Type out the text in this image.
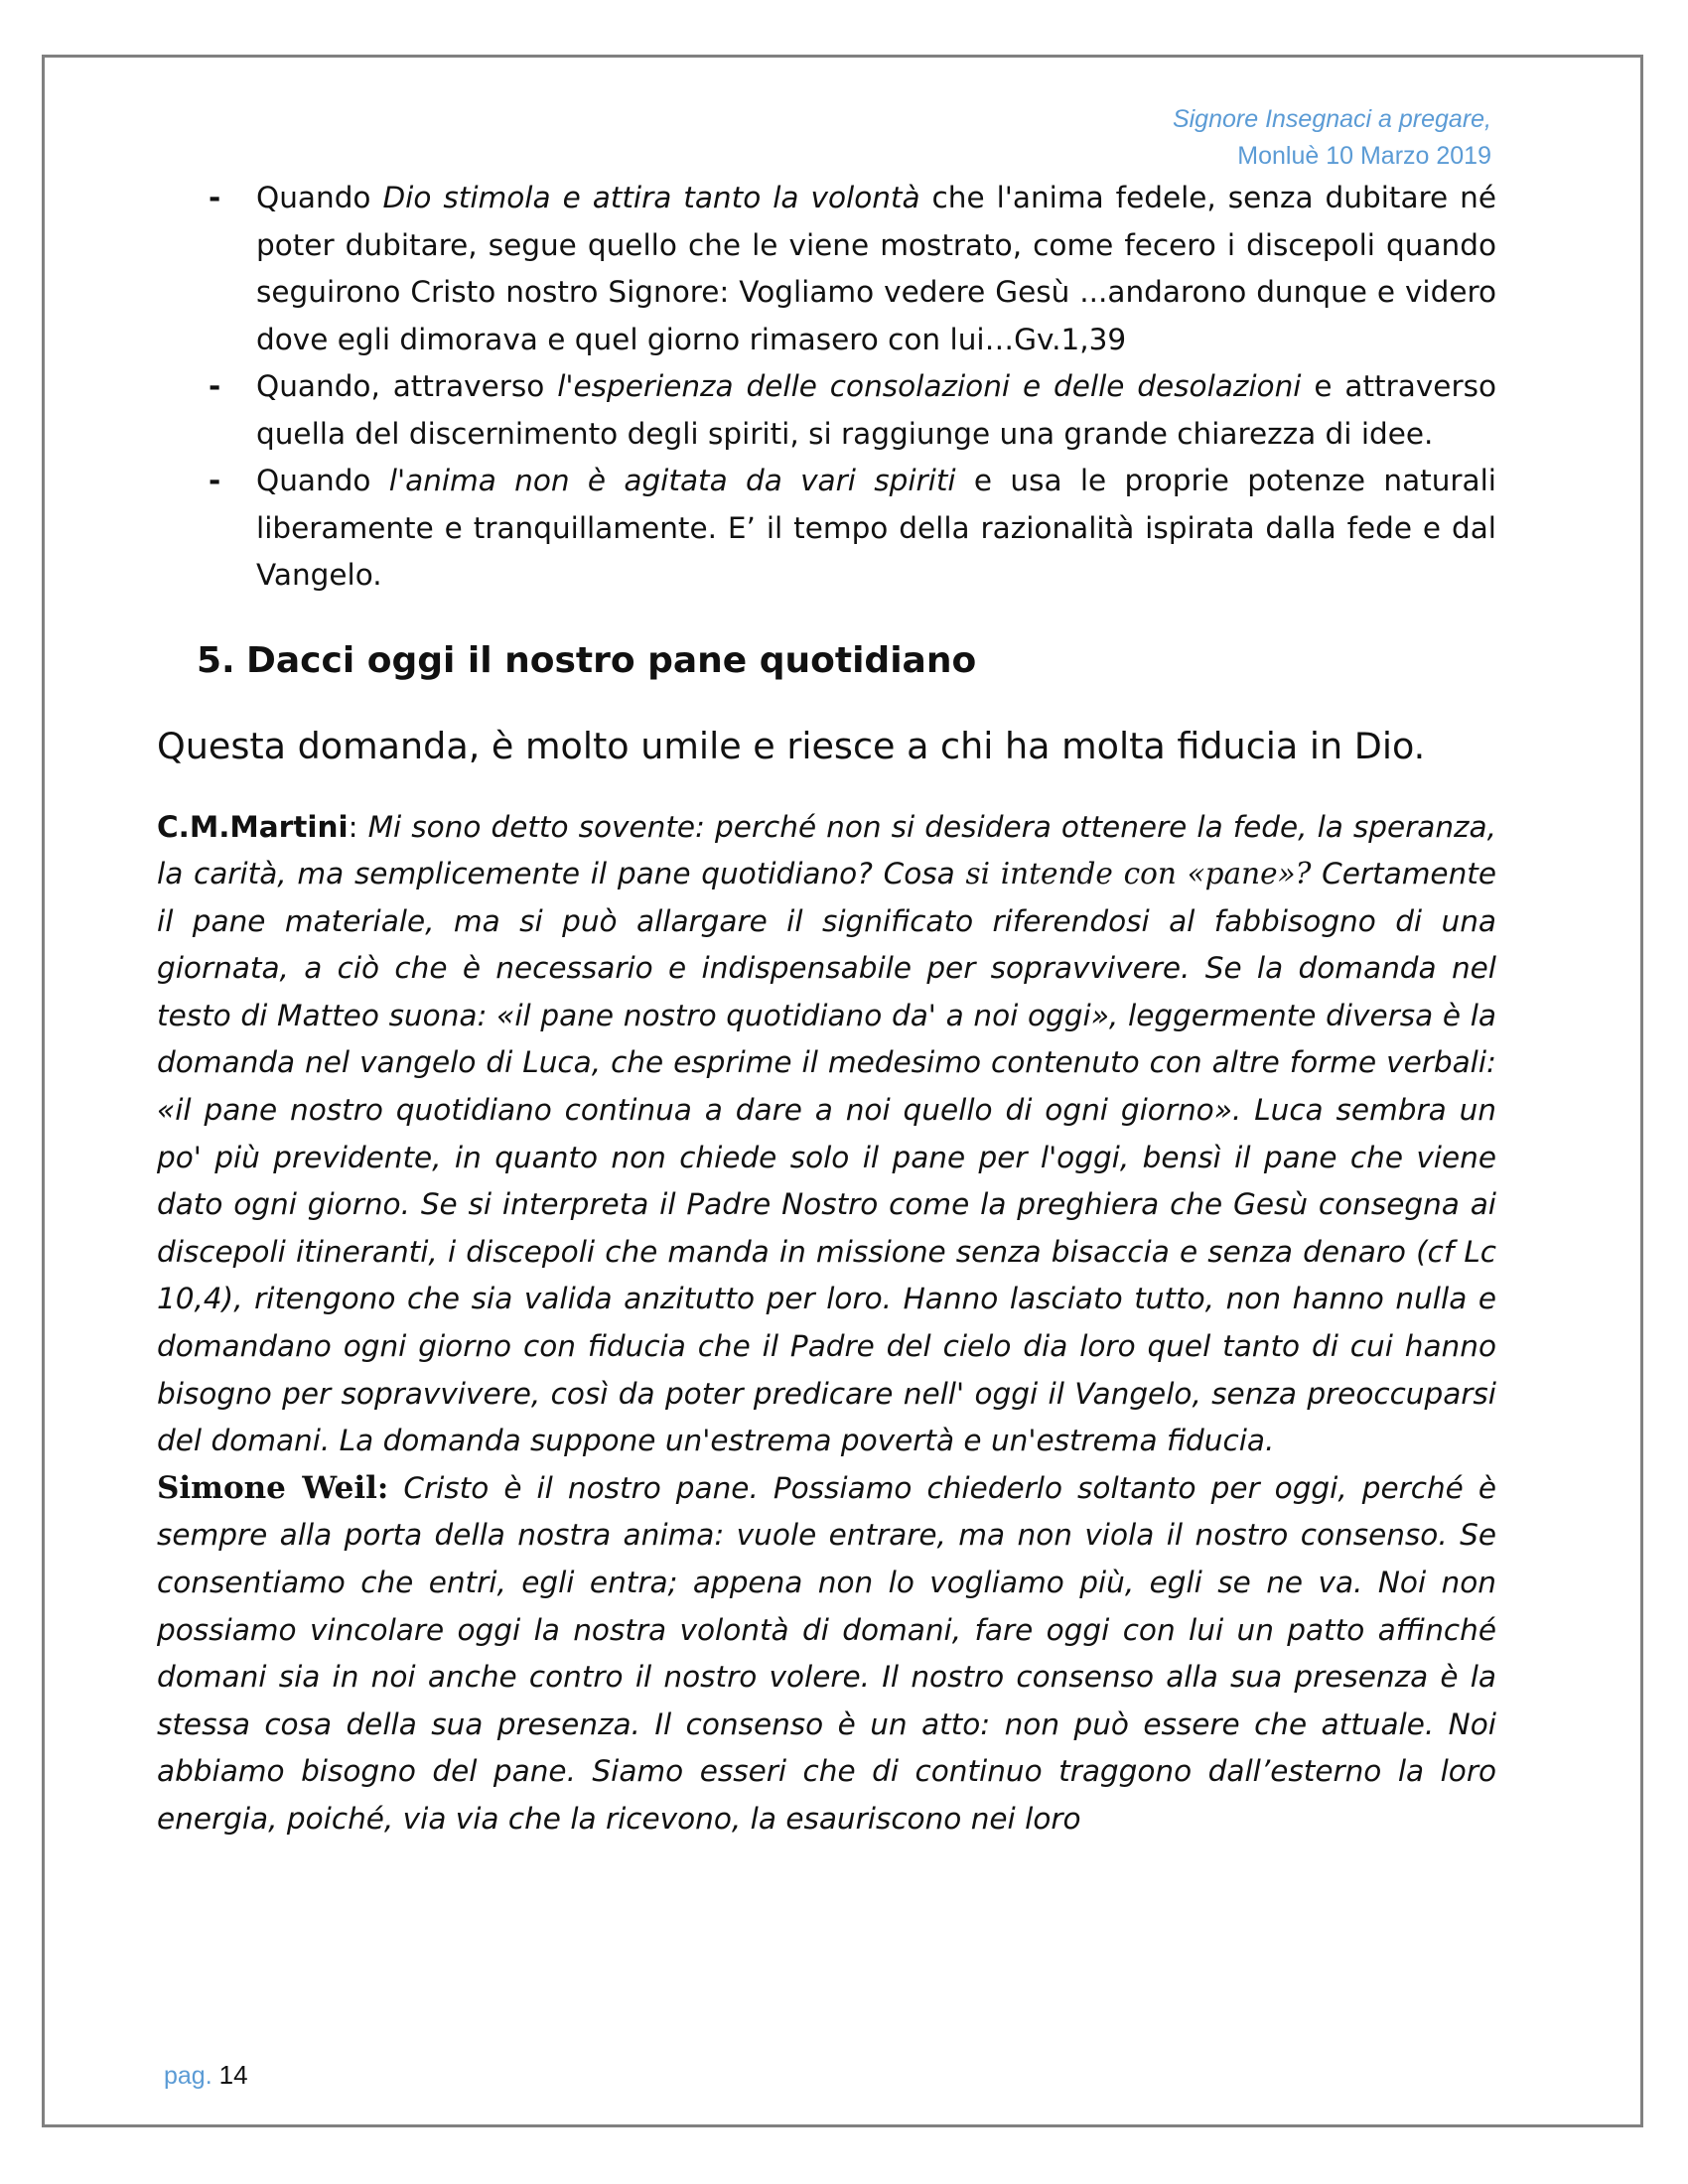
Signore Insegnaci a pregare,
Monluè 10 Marzo 2019
- Quando Dio stimola e attira tanto la volontà che l'anima fedele, senza dubitare né poter dubitare, segue quello che le viene mostrato, come fecero i discepoli quando seguirono Cristo nostro Signore: Vogliamo vedere Gesù ...andarono dunque e videro dove egli dimorava e quel giorno rimasero con lui…Gv.1,39
- Quando, attraverso l'esperienza delle consolazioni e delle desolazioni e attraverso quella del discernimento degli spiriti, si raggiunge una grande chiarezza di idee.
- Quando l'anima non è agitata da vari spiriti e usa le proprie potenze naturali liberamente e tranquillamente. E’ il tempo della razionalità ispirata dalla fede e dal Vangelo.
5. Dacci oggi il nostro pane quotidiano
Questa domanda, è molto umile e riesce a chi ha molta fiducia in Dio.

C.M.Martini: Mi sono detto sovente: perché non si desidera ottenere la fede, la speranza, la carità, ma semplicemente il pane quotidiano? Cosa si intende con «pane»? Certamente il pane materiale, ma si può allargare il significato riferendosi al fabbisogno di una giornata, a ciò che è necessario e indispensabile per sopravvivere. Se la domanda nel testo di Matteo suona: «il pane nostro quotidiano da' a noi oggi», leggermente diversa è la domanda nel vangelo di Luca, che esprime il medesimo contenuto con altre forme verbali: «il pane nostro quotidiano continua a dare a noi quello di ogni giorno». Luca sembra un po' più previdente, in quanto non chiede solo il pane per l'oggi, bensì il pane che viene dato ogni giorno. Se si interpreta il Padre Nostro come la preghiera che Gesù consegna ai discepoli itineranti, i discepoli che manda in missione senza bisaccia e senza denaro (cf Lc 10,4), ritengono che sia valida anzitutto per loro. Hanno lasciato tutto, non hanno nulla e domandano ogni giorno con fiducia che il Padre del cielo dia loro quel tanto di cui hanno bisogno per sopravvivere, così da poter predicare nell' oggi il Vangelo, senza preoccuparsi del domani. La domanda suppone un'estrema povertà e un'estrema fiducia.

Simone Weil: Cristo è il nostro pane. Possiamo chiederlo soltanto per oggi, perché è sempre alla porta della nostra anima: vuole entrare, ma non viola il nostro consenso. Se consentiamo che entri, egli entra; appena non lo vogliamo più, egli se ne va. Noi non possiamo vincolare oggi la nostra volontà di domani, fare oggi con lui un patto affinché domani sia in noi anche contro il nostro volere. Il nostro consenso alla sua presenza è la stessa cosa della sua presenza. Il consenso è un atto: non può essere che attuale. Noi abbiamo bisogno del pane. Siamo esseri che di continuo traggono dall’esterno la loro energia, poiché, via via che la ricevono, la esauriscono nei loro

pag. 14
